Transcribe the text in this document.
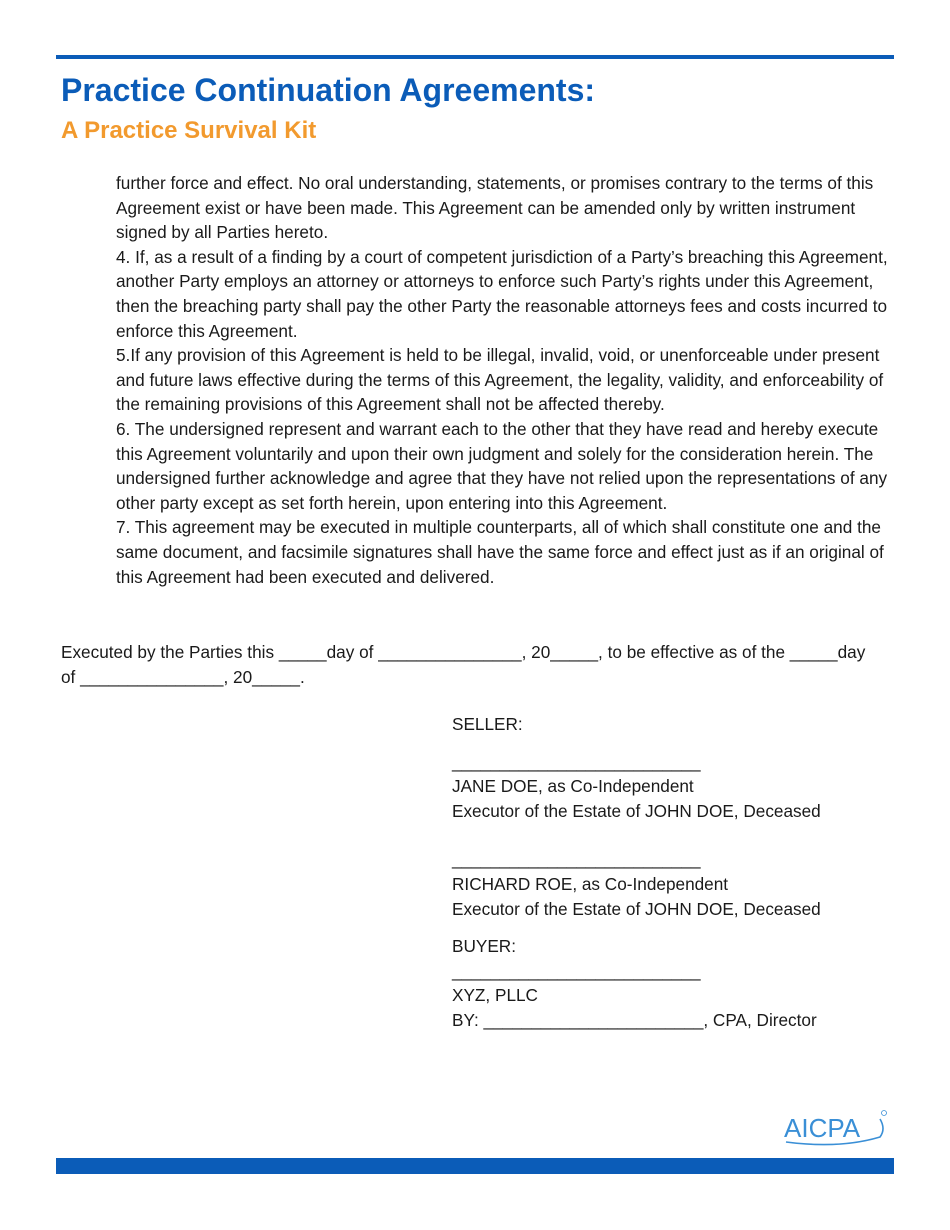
Practice Continuation Agreements:
A Practice Survival Kit

further force and effect. No oral understanding, statements, or promises contrary to the terms of this Agreement exist or have been made. This Agreement can be amended only by written instrument signed by all Parties hereto.

4. If, as a result of a finding by a court of competent jurisdiction of a Party’s breaching this Agreement, another Party employs an attorney or attorneys to enforce such Party’s rights under this Agreement, then the breaching party shall pay the other Party the reasonable attorneys fees and costs incurred to enforce this Agreement.

5.If any provision of this Agreement is held to be illegal, invalid, void, or unenforceable under present and future laws effective during the terms of this Agreement, the legality, validity, and enforceability of the remaining provisions of this Agreement shall not be affected thereby.

6. The undersigned represent and warrant each to the other that they have read and hereby execute this Agreement voluntarily and upon their own judgment and solely for the consideration herein. The undersigned further acknowledge and agree that they have not relied upon the representations of any other party except as set forth herein, upon entering into this Agreement.

7. This agreement may be executed in multiple counterparts, all of which shall constitute one and the same document, and facsimile signatures shall have the same force and effect just as if an original of this Agreement had been executed and delivered.

Executed by the Parties this _____day of _______________, 20_____, to be effective as of the _____day of _______________, 20_____.

SELLER:

__________________________

JANE DOE, as Co-Independent

Executor of the Estate of JOHN DOE, Deceased

__________________________

RICHARD ROE, as Co-Independent

Executor of the Estate of JOHN DOE, Deceased

BUYER:

__________________________

XYZ, PLLC

BY: _______________________, CPA, Director

AICPA
